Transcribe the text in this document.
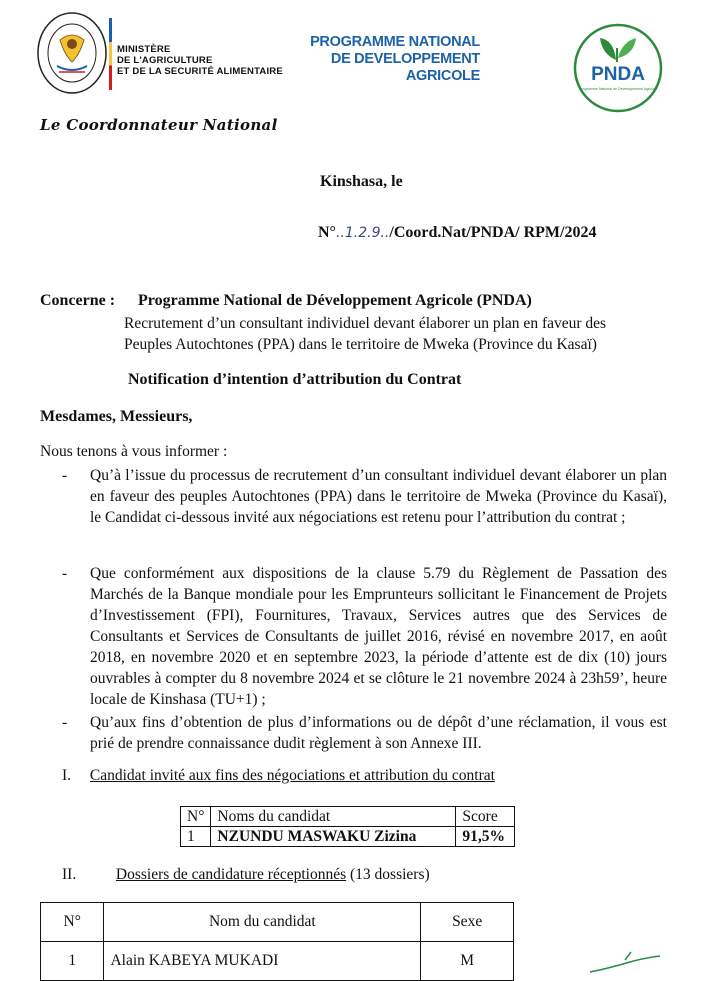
MINISTÈRE
DE L'AGRICULTURE
ET DE LA SECURITÉ ALIMENTAIRE
PROGRAMME NATIONAL
DE DEVELOPPEMENT
AGRICOLE	PNDA
Programme National de Développement Agricole
Le Coordonnateur National
Kinshasa, le
N°..1.2.9../Coord.Nat/PNDA/ RPM/2024
Concerne : Programme National de Développement Agricole (PNDA)
Recrutement d’un consultant individuel devant élaborer un plan en faveur des Peuples Autochtones (PPA) dans le territoire de Mweka (Province du Kasaï)
Notification d’intention d’attribution du Contrat
Mesdames, Messieurs,
Nous tenons à vous informer :
- Qu’à l’issue du processus de recrutement d’un consultant individuel devant élaborer un plan en faveur des peuples Autochtones (PPA) dans le territoire de Mweka (Province du Kasaï), le Candidat ci-dessous invité aux négociations est retenu pour l’attribution du contrat ;
- Que conformément aux dispositions de la clause 5.79 du Règlement de Passation des Marchés de la Banque mondiale pour les Emprunteurs sollicitant le Financement de Projets d’Investissement (FPI), Fournitures, Travaux, Services autres que des Services de Consultants et Services de Consultants de juillet 2016, révisé en novembre 2017, en août 2018, en novembre 2020 et en septembre 2023, la période d’attente est de dix (10) jours ouvrables à compter du 8 novembre 2024 et se clôture le 21 novembre 2024 à 23h59’, heure locale de Kinshasa (TU+1) ;
- Qu’aux fins d’obtention de plus d’informations ou de dépôt d’une réclamation, il vous est prié de prendre connaissance dudit règlement à son Annexe III.
I. Candidat invité aux fins des négociations et attribution du contrat
N°	Noms du candidat	Score
1	NZUNDU MASWAKU Zizina	91,5%
II.	Dossiers de candidature réceptionnés (13 dossiers)
N°	Nom du candidat	Sexe
1	Alain KABEYA MUKADI	M
